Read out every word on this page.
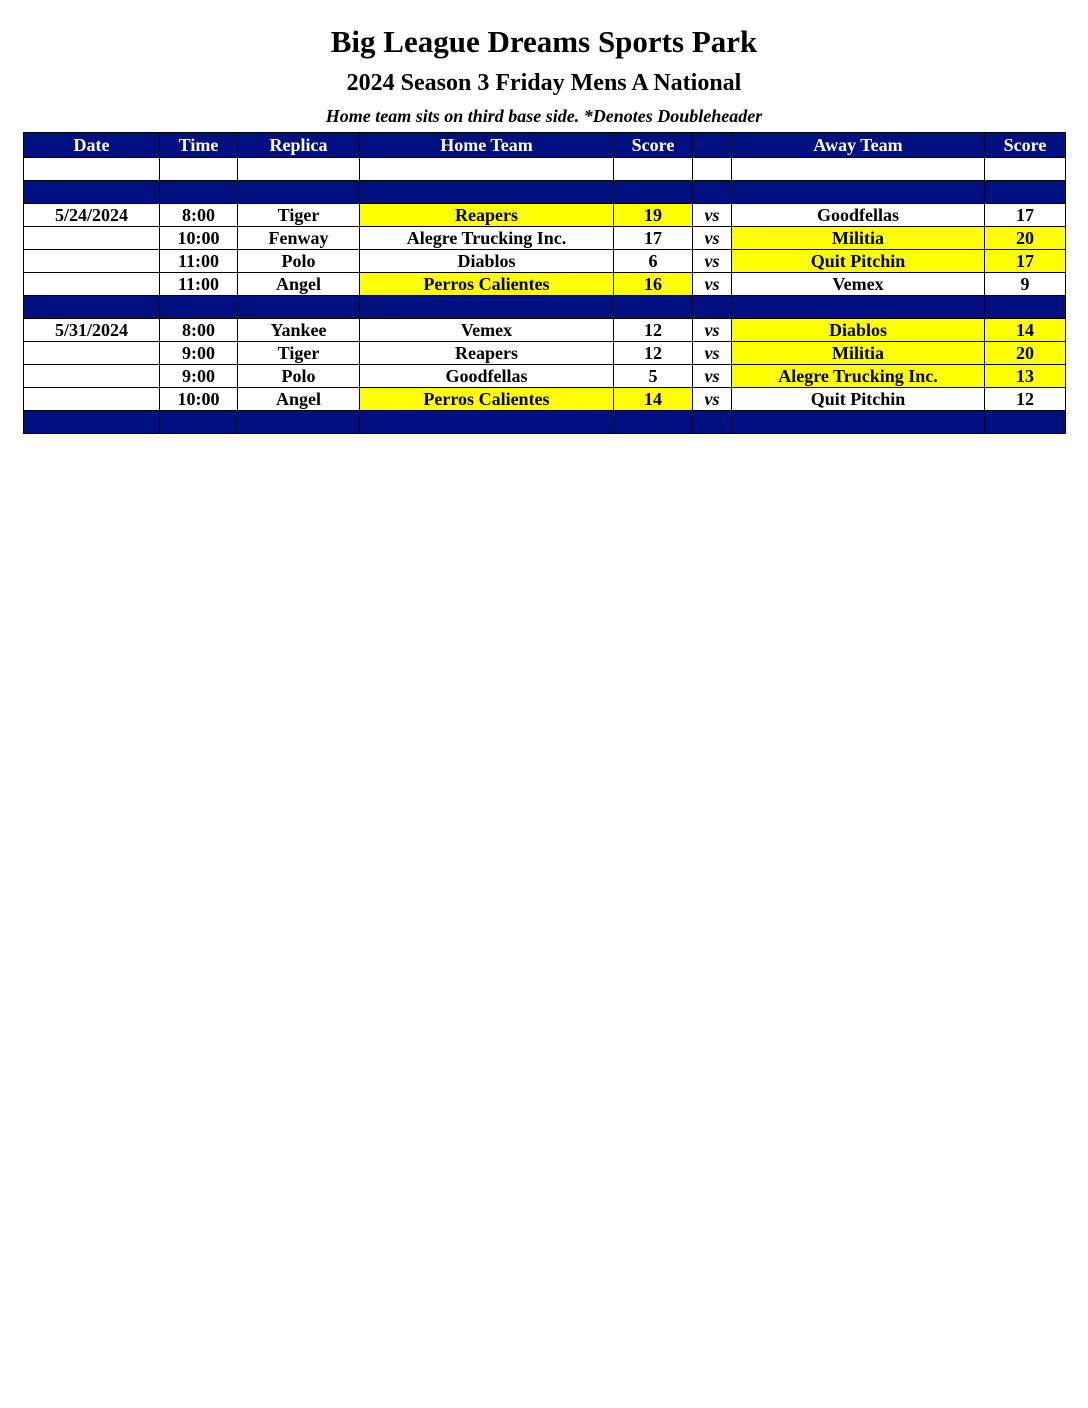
Big League Dreams Sports Park
2024 Season 3 Friday Mens A National
Home team sits on third base side. *Denotes Doubleheader
Date	Time	Replica	Home Team	Score		Away Team	Score

5/24/2024	8:00	Tiger	Reapers	19	vs	Goodfellas	17
	10:00	Fenway	Alegre Trucking Inc.	17	vs	Militia	20
	11:00	Polo	Diablos	6	vs	Quit Pitchin	17
	11:00	Angel	Perros Calientes	16	vs	Vemex	9

5/31/2024	8:00	Yankee	Vemex	12	vs	Diablos	14
	9:00	Tiger	Reapers	12	vs	Militia	20
	9:00	Polo	Goodfellas	5	vs	Alegre Trucking Inc.	13
	10:00	Angel	Perros Calientes	14	vs	Quit Pitchin	12
